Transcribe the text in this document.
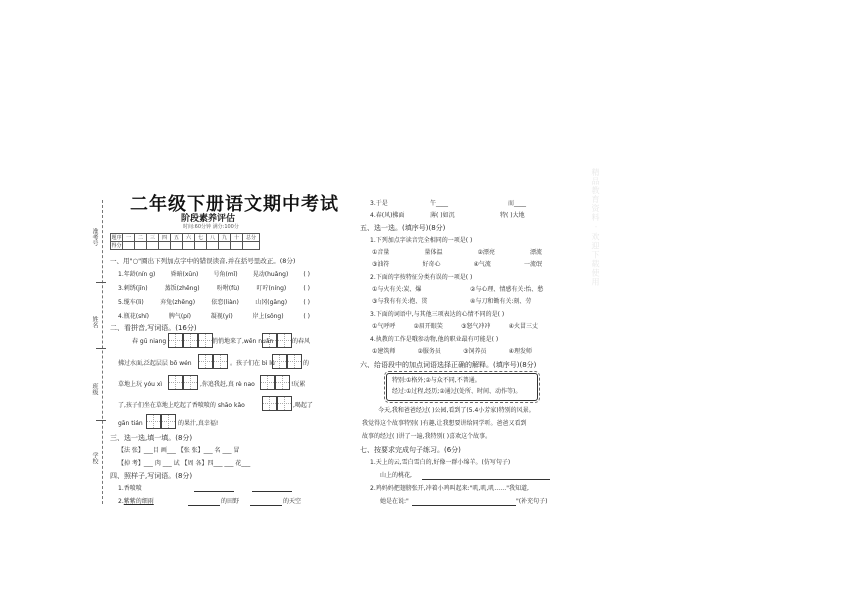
准考号
姓名
班级
学校
二年级下册语文期中考试
阶段素养评估
时间:60分钟 满分:100分
题序	一	二	三	四	五	六	七	八	九	十	总分
得分											
一、用"○"圈出下列加点字中的错误读音,并在括号里改正。(8分)
1.年龄(nín g)	昏暗(xūn)	号角(mǐ)	晃动(huǎng)	( )
3.刺绣(jīn)	蒸饭(zhēng)	吩咐(fù)	叮咛(níng)	( )
5.缆车(lì)	弃兔(zhēng)	依恋(liàn)	山冈(gāng)	( )
4.瓶花(shí)	脾气(pí)	凝视(yí)	岸上(sǒng)	( )
二、看拼音,写词语。(16分)
春 gū niang	悄悄地来了,wēn nuǎn	的春风
拂过水面,泛起层层 bō wén	。孩子们在 bì lǜ	的
草地上玩 yóu xì	,你追我赶,真 rè nao	!玩累
了,孩子们坐在草地上吃起了香喷喷的 shāo kǎo	,喝起了
gān tián	的果汁,真幸福!
三、选一选,填一填。(8分)
【法 张】___目 画___ 【张 张】___ 名 ___ 冒
【掉 考】___ 肉 ___ 试 【周 各】四___ ___ 花___
四、照样子,写词语。(8分)
1.香喷喷
2.紫紫的细雨	的田野	的天空
3.于是	午____	而____
4.春(风)拂面	薄( )如沉	特( )大地
五、选一选。(填序号)(8分)
1.下列加点字读音完全相同的一项是( )
①音量	量体温	②漂亮	漂流
③油符	好奇心	④气流	一流氓
2.下面的字按特征分类有误的一项是( )
①与火有关:炭、爆	②与心理、情感有关:怡、愁
③与我有有关:抱、贯	④与刀和锄有关:刻、劳
3.下面的词语中,与其他三项表达的心情不同的是( )
①气呼呼	②眉开眼笑	③怒气冲冲	④火冒三丈
4.执教的工作是哦参动物,他的职业最有可能是( )
①建筑师	②服务员	③饲养员	④理发师
六、给语段中的加点词语选择正确的解释。(填序号)(8分)
特别:①格外;②与众不同,不普通。
经过:①过程,经历;②通过(处所、时间、动作等)。
今天,我和爸爸经过( )公园,看到了(5.4小芳家)特别的风景。
我觉得这个故事特别( )有趣,让我想要讲给同学听。爸爸又看到
故事的经过( )讲了一遍,我特别( )喜欢这个故事。
七、按要求完成句子练习。(6分)
1.天上的云,雪白雪白的,好像一群小绵羊。(仿写句子)
山上的桃花,
2.鸡妈妈把翅膀张开,冲着小鸡叫起来:"叽,叽,叽……"我知道,
她是在说:"	"(补充句子)
精品教育资料 · 欢迎下载使用
